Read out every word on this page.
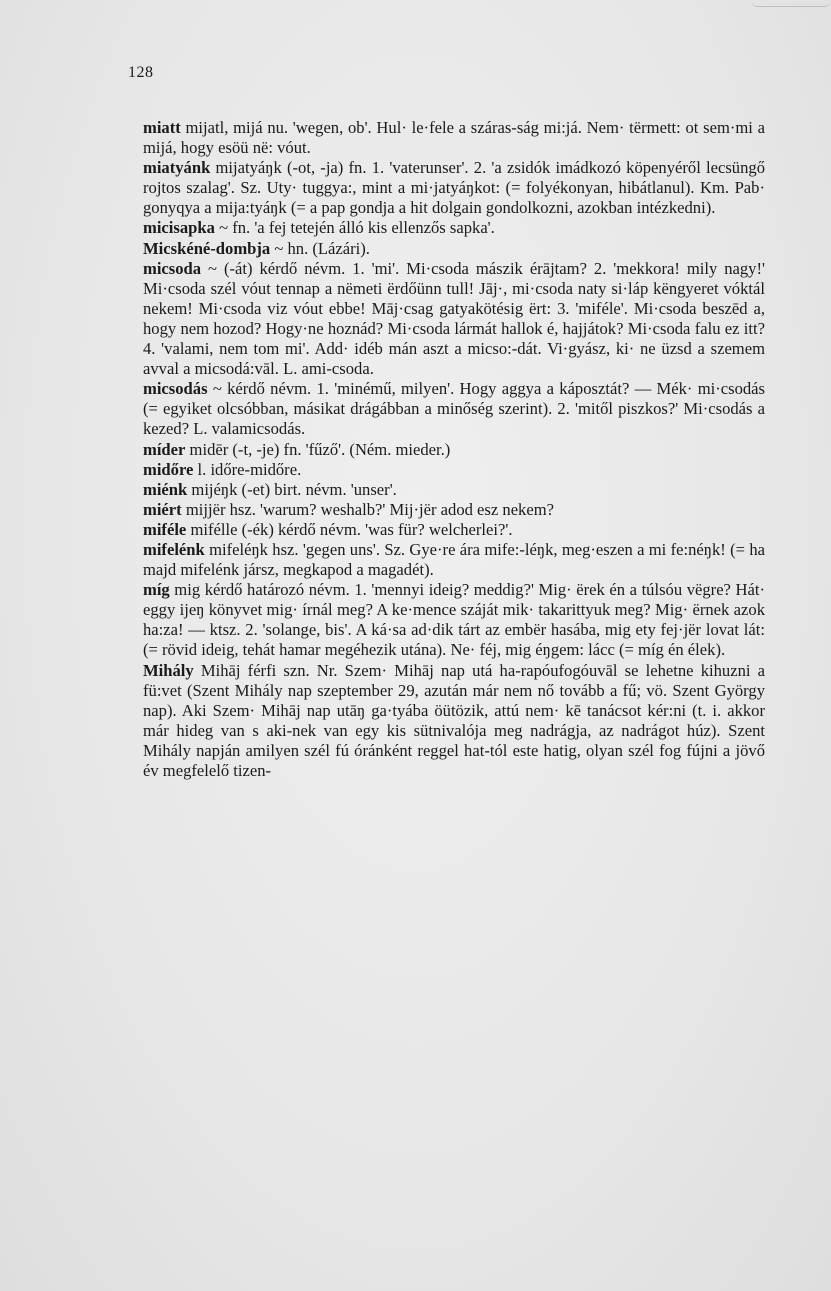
128

miatt mijatl, mijá nu. 'wegen, ob'. Hul· le·fele a száras-ság mi:já. Nem· tërmett: ot sem·mi a mijá, hogy esöü në: vóut.

miatyánk mijatyáŋk (-ot, -ja) fn. 1. 'vaterunser'. 2. 'a zsidók imádkozó köpenyéről lecsüngő rojtos szalag'. Sz. Uty· tuggya:, mint a mi·jatyáŋkot: (= folyékonyan, hibátlanul). Km. Pab· gonyqya a mija:tyáŋk (= a pap gondja a hit dolgain gondolkozni, azokban intézkedni).

micisapka ~ fn. 'a fej tetején álló kis ellenzős sapka'.

Micskéné-dombja ~ hn. (Lázári).

micsoda ~ (-át) kérdő névm. 1. 'mi'. Mi·csoda mászik érājtam? 2. 'mekkora! mily nagy!' Mi·csoda szél vóut tennap a nëmeti ërdőünn tull! Jāj·, mi·csoda naty si·láp këngyeret vóktál nekem! Mi·csoda viz vóut ebbe! Māj·csag gatyakötésig ërt: 3. 'miféle'. Mi·csoda beszēd a, hogy nem hozod? Hogy·ne hoznád? Mi·csoda lármát hallok é, hajjátok? Mi·csoda falu ez itt? 4. 'valami, nem tom mi'. Add· idéb mán aszt a micso:-dát. Vi·gyász, ki· ne üzsd a szemem avval a micsodá:vāl. L. ami-csoda.

micsodás ~ kérdő névm. 1. 'minémű, milyen'. Hogy aggya a káposztát? — Mék· mi·csodás (= egyiket olcsóbban, másikat drágábban a minőség szerint). 2. 'mitől piszkos?' Mi·csodás a kezed? L. valamicsodás.

míder midēr (-t, -je) fn. 'fűző'. (Ném. mieder.)

midőre l. időre-midőre.

miénk mijéŋk (-et) birt. névm. 'unser'.

miért mijjër hsz. 'warum? weshalb?' Mij·jër adod esz nekem?

miféle mifélle (-ék) kérdő névm. 'was für? welcherlei?'.

mifelénk mifeléŋk hsz. 'gegen uns'. Sz. Gye·re ára mife:-léŋk, meg·eszen a mi fe:néŋk! (= ha majd mifelénk jársz, megkapod a magadét).

míg mig kérdő határozó névm. 1. 'mennyi ideig? meddig?' Mig· ërek én a túlsóu vëgre? Hát· eggy ijeŋ könyvet mig· írnál meg? A ke·mence száját mik· takarittyuk meg? Mig· ërnek azok ha:za! — ktsz. 2. 'solange, bis'. A ká·sa ad·dik tárt az embër hasába, mig ety fej·jër lovat lát: (= rövid ideig, tehát hamar megéhezik utána). Ne· féj, mig éŋgem: lácc (= míg én élek).

Mihály Mihāj férfi szn. Nr. Szem· Mihāj nap utá ha-rapóufogóuvāl se lehetne kihuzni a fü:vet (Szent Mihály nap szeptember 29, azután már nem nő tovább a fű; vö. Szent György nap). Aki Szem· Mihāj nap utāŋ ga·tyába öütözik, attú nem· kē tanácsot kér:ni (t. i. akkor már hideg van s aki-nek van egy kis sütnivalója meg nadrágja, az nadrágot húz). Szent Mihály napján amilyen szél fú óránként reggel hat-tól este hatig, olyan szél fog fújni a jövő év megfelelő tizen-
